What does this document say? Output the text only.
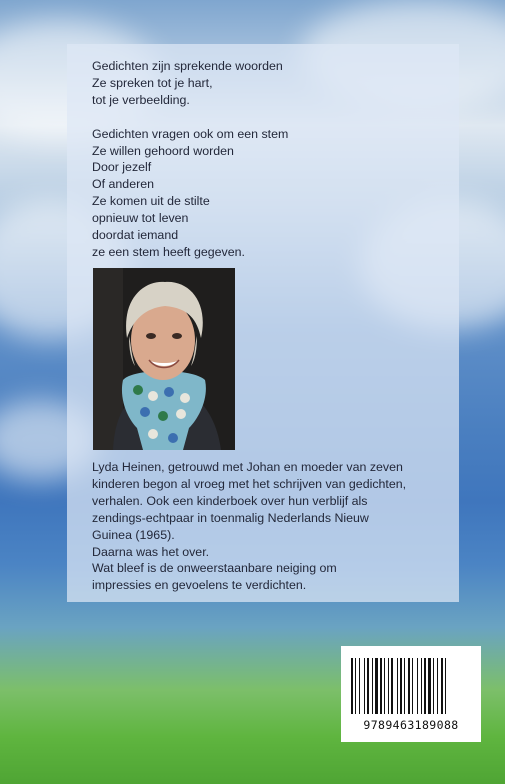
Gedichten zijn sprekende woorden
Ze spreken tot je hart,
tot je verbeelding.
Gedichten vragen ook om een stem
Ze willen gehoord worden
Door jezelf
Of anderen
Ze komen uit de stilte
opnieuw tot leven
doordat iemand
ze een stem heeft gegeven.
Lyda Heinen, getrouwd met Johan en moeder van zeven
kinderen begon al vroeg met het schrijven van gedichten,
verhalen. Ook een kinderboek over hun verblijf als
zendings-echtpaar in toenmalig Nederlands Nieuw
Guinea (1965).
Daarna was het over.
Wat bleef is de onweerstaanbare neiging om
impressies en gevoelens te verdichten.
9789463189088
